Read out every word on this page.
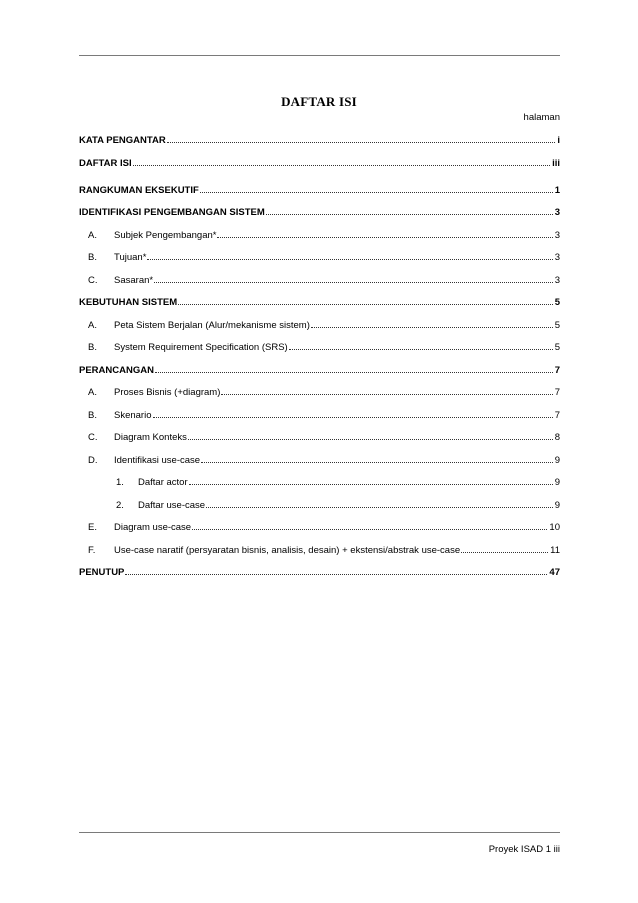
DAFTAR ISI
halaman
KATA PENGANTAR	i
DAFTAR ISI	iii
RANGKUMAN EKSEKUTIF	1
IDENTIFIKASI PENGEMBANGAN SISTEM	3
A.	Subjek Pengembangan*	3
B.	Tujuan*	3
C.	Sasaran*	3
KEBUTUHAN SISTEM	5
A.	Peta Sistem Berjalan (Alur/mekanisme sistem)	5
B.	System Requirement Specification (SRS)	5
PERANCANGAN	7
A.	Proses Bisnis (+diagram)	7
B.	Skenario	7
C.	Diagram Konteks	8
D.	Identifikasi use-case	9
1.	Daftar actor	9
2.	Daftar use-case	9
E.	Diagram use-case	10
F.	Use-case naratif (persyaratan bisnis, analisis, desain) + ekstensi/abstrak use-case	11
PENUTUP	47
Proyek ISAD 1 iii
